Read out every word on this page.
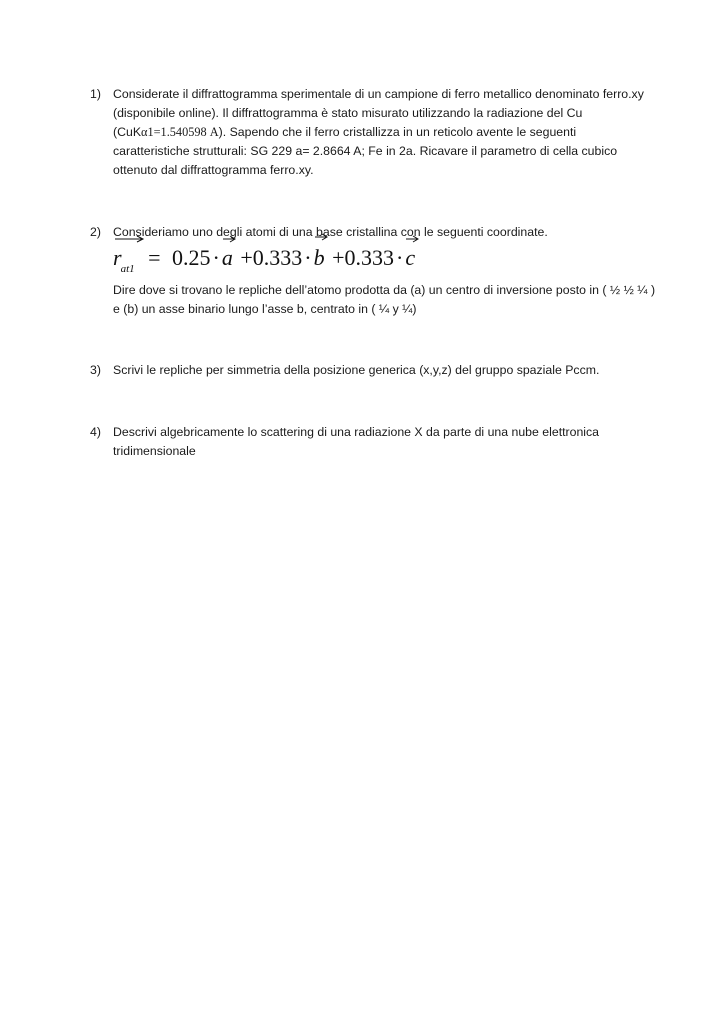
1) Considerate il diffrattogramma sperimentale di un campione di ferro metallico denominato ferro.xy
(disponibile online). Il diffrattogramma è stato misurato utilizzando la radiazione del Cu
(CuKα1=1.540598 A). Sapendo che il ferro cristallizza in un reticolo avente le seguenti
caratteristiche strutturali: SG 229 a= 2.8664 A; Fe in 2a. Ricavare il parametro di cella cubico
ottenuto dal diffrattogramma ferro.xy.
2) Consideriamo uno degli atomi di una base cristallina con le seguenti coordinate.
$r_{at1} = 0.25\cdot$
a +0.333·
b +0.333·
c
Dire dove si trovano le repliche dell’atomo prodotta da (a) un centro di inversione posto in ( ½ ½ ¼ )
e (b) un asse binario lungo l’asse b, centrato in ( ¼ y ¼)
3) Scrivi le repliche per simmetria della posizione generica (x,y,z) del gruppo spaziale Pccm.
4) Descrivi algebricamente lo scattering di una radiazione X da parte di una nube elettronica
tridimensionale
